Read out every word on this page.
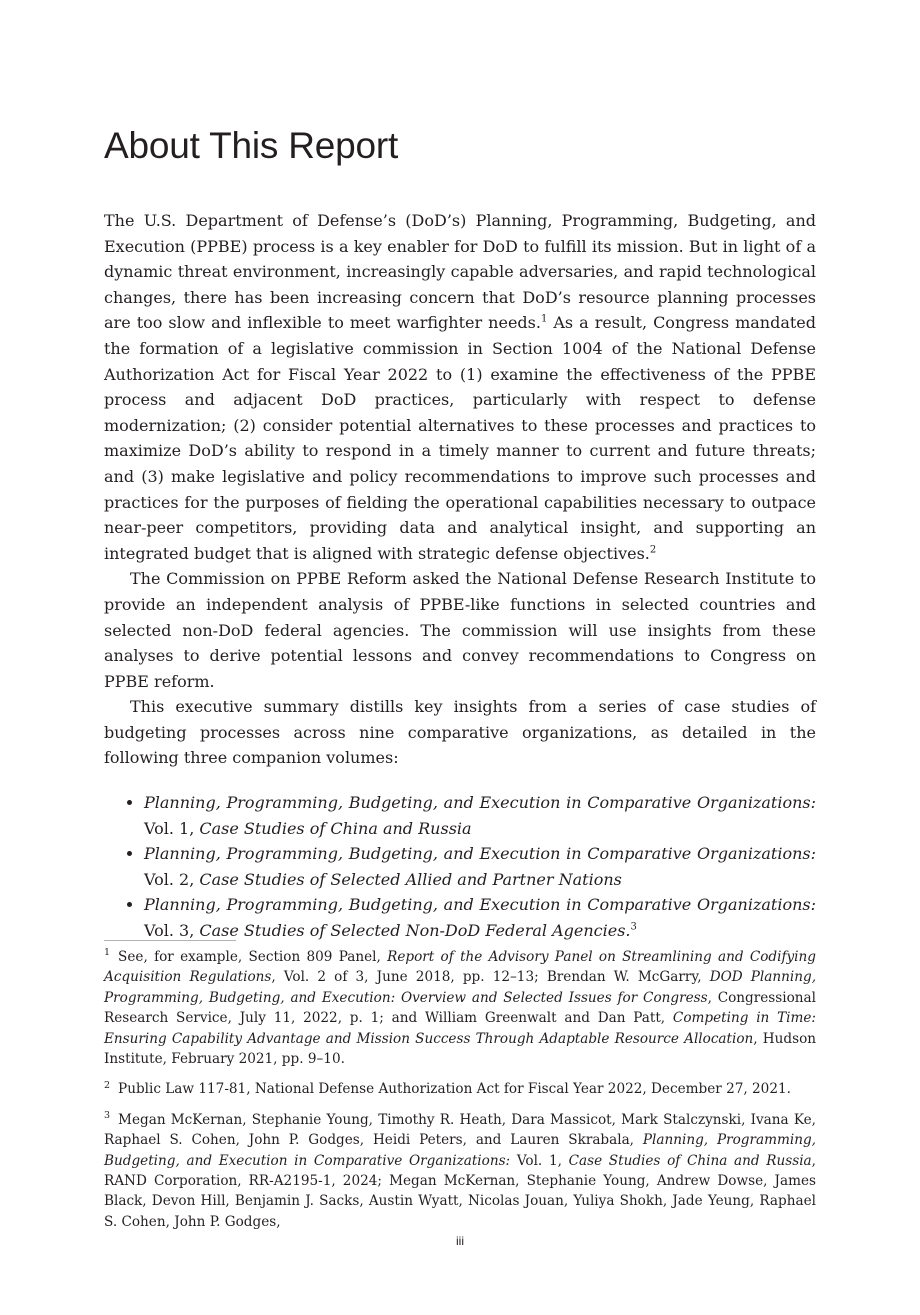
About This Report

The U.S. Department of Defense’s (DoD’s) Planning, Programming, Budgeting, and Execution (PPBE) process is a key enabler for DoD to fulfill its mission. But in light of a dynamic threat environment, increasingly capable adversaries, and rapid technological changes, there has been increasing concern that DoD’s resource planning processes are too slow and inflexible to meet warfighter needs.$^1$ As a result, Congress mandated the formation of a legislative commission in Section 1004 of the National Defense Authorization Act for Fiscal Year 2022 to (1) examine the effectiveness of the PPBE process and adjacent DoD practices, particularly with respect to defense modernization; (2) consider potential alternatives to these processes and practices to maximize DoD’s ability to respond in a timely manner to current and future threats; and (3) make legislative and policy recommendations to improve such processes and practices for the purposes of fielding the operational capabilities necessary to outpace near-peer competitors, providing data and analytical insight, and supporting an integrated budget that is aligned with strategic defense objectives.$^2$

The Commission on PPBE Reform asked the National Defense Research Institute to provide an independent analysis of PPBE-like functions in selected countries and selected non-DoD federal agencies. The commission will use insights from these analyses to derive potential lessons and convey recommendations to Congress on PPBE reform.

This executive summary distills key insights from a series of case studies of budgeting processes across nine comparative organizations, as detailed in the following three companion volumes:

• Planning, Programming, Budgeting, and Execution in Comparative Organizations: Vol. 1, Case Studies of China and Russia
• Planning, Programming, Budgeting, and Execution in Comparative Organizations: Vol. 2, Case Studies of Selected Allied and Partner Nations
• Planning, Programming, Budgeting, and Execution in Comparative Organizations: Vol. 3, Case Studies of Selected Non-DoD Federal Agencies.$^3$

$^1$ See, for example, Section 809 Panel, Report of the Advisory Panel on Streamlining and Codifying Acquisition Regulations, Vol. 2 of 3, June 2018, pp. 12–13; Brendan W. McGarry, DOD Planning, Programming, Budgeting, and Execution: Overview and Selected Issues for Congress, Congressional Research Service, July 11, 2022, p. 1; and William Greenwalt and Dan Patt, Competing in Time: Ensuring Capability Advantage and Mission Success Through Adaptable Resource Allocation, Hudson Institute, February 2021, pp. 9–10.

$^2$ Public Law 117-81, National Defense Authorization Act for Fiscal Year 2022, December 27, 2021.

$^3$ Megan McKernan, Stephanie Young, Timothy R. Heath, Dara Massicot, Mark Stalczynski, Ivana Ke, Raphael S. Cohen, John P. Godges, Heidi Peters, and Lauren Skrabala, Planning, Programming, Budgeting, and Execution in Comparative Organizations: Vol. 1, Case Studies of China and Russia, RAND Corporation, RR-A2195-1, 2024; Megan McKernan, Stephanie Young, Andrew Dowse, James Black, Devon Hill, Benjamin J. Sacks, Austin Wyatt, Nicolas Jouan, Yuliya Shokh, Jade Yeung, Raphael S. Cohen, John P. Godges,

iii
